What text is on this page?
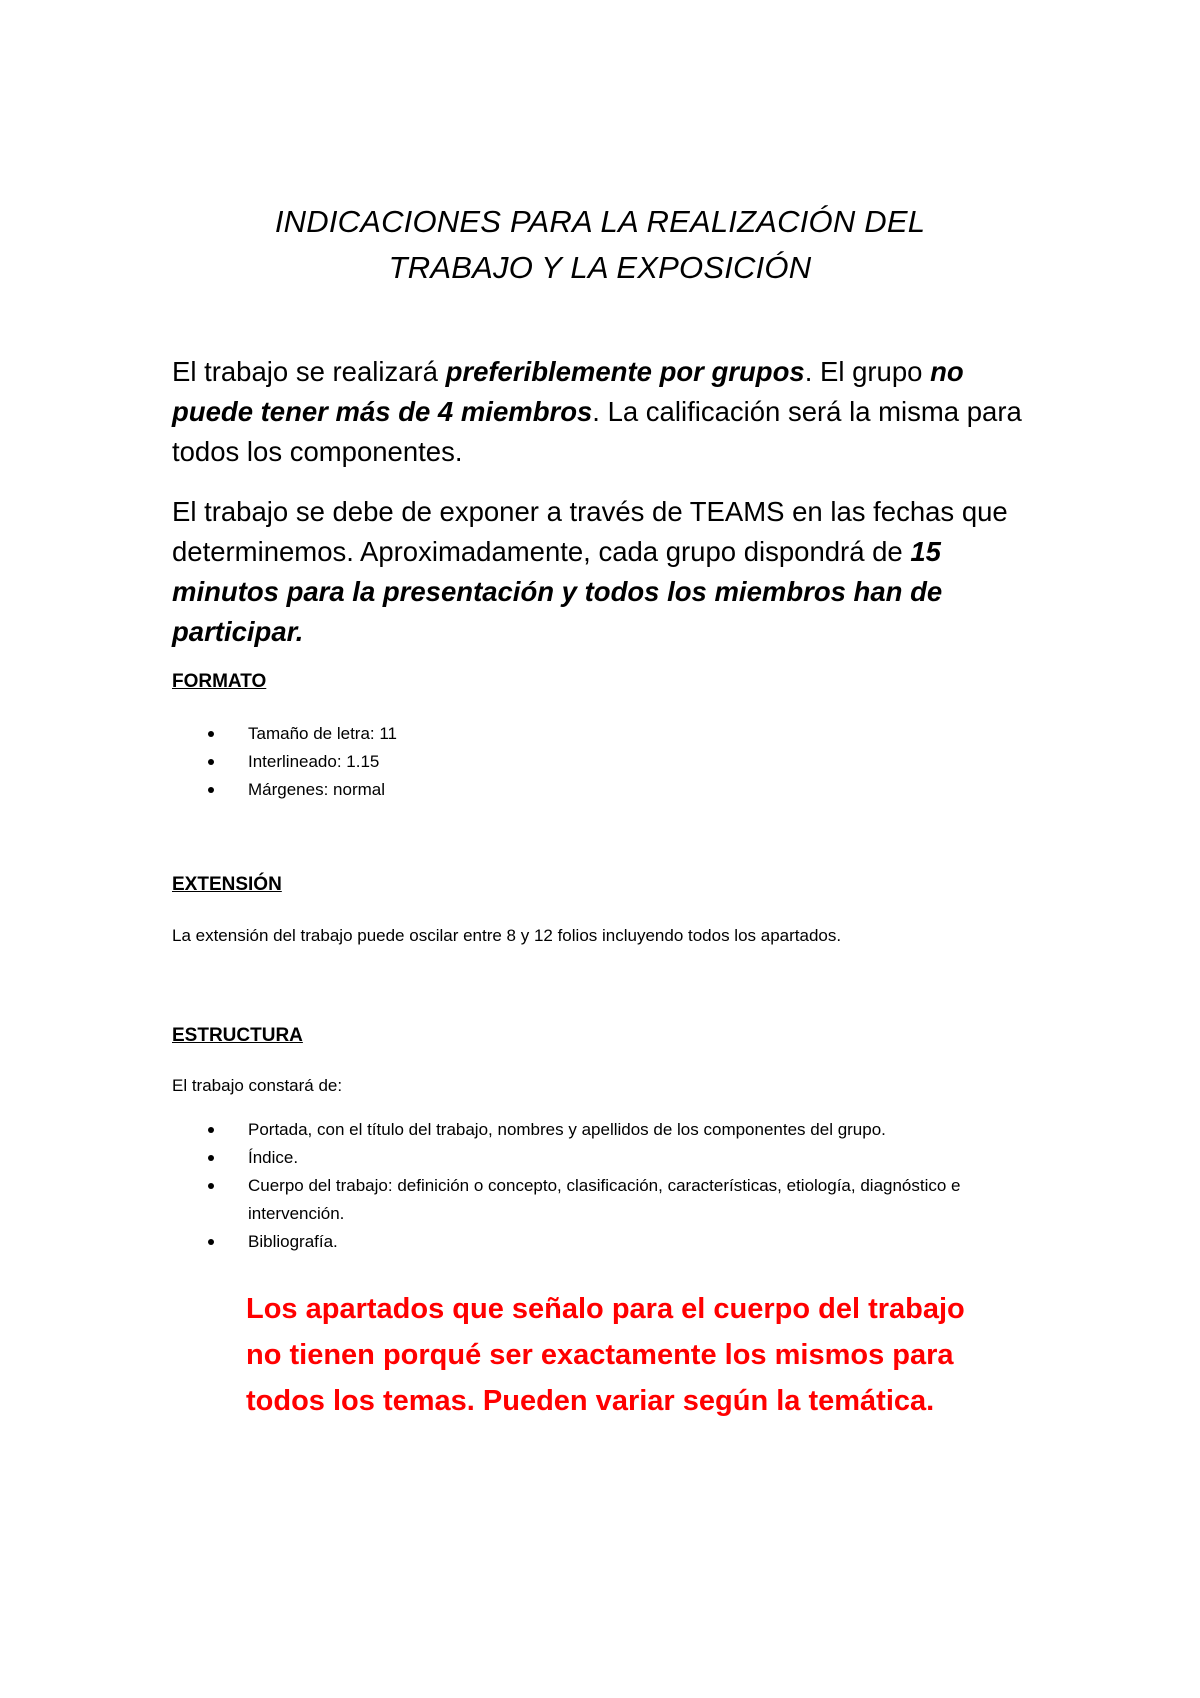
INDICACIONES PARA LA REALIZACIÓN DEL
TRABAJO Y LA EXPOSICIÓN

El trabajo se realizará preferiblemente por grupos. El grupo no puede tener más de 4 miembros. La calificación será la misma para todos los componentes.

El trabajo se debe de exponer a través de TEAMS en las fechas que determinemos. Aproximadamente, cada grupo dispondrá de 15 minutos para la presentación y todos los miembros han de participar.

FORMATO
Tamaño de letra: 11
Interlineado: 1.15
Márgenes: normal
EXTENSIÓN

La extensión del trabajo puede oscilar entre 8 y 12 folios incluyendo todos los apartados.

ESTRUCTURA

El trabajo constará de:

Portada, con el título del trabajo, nombres y apellidos de los componentes del grupo.
Índice.
Cuerpo del trabajo: definición o concepto, clasificación, características, etiología, diagnóstico e intervención.
Bibliografía.

Los apartados que señalo para el cuerpo del trabajo
no tienen porqué ser exactamente los mismos para
todos los temas. Pueden variar según la temática.
